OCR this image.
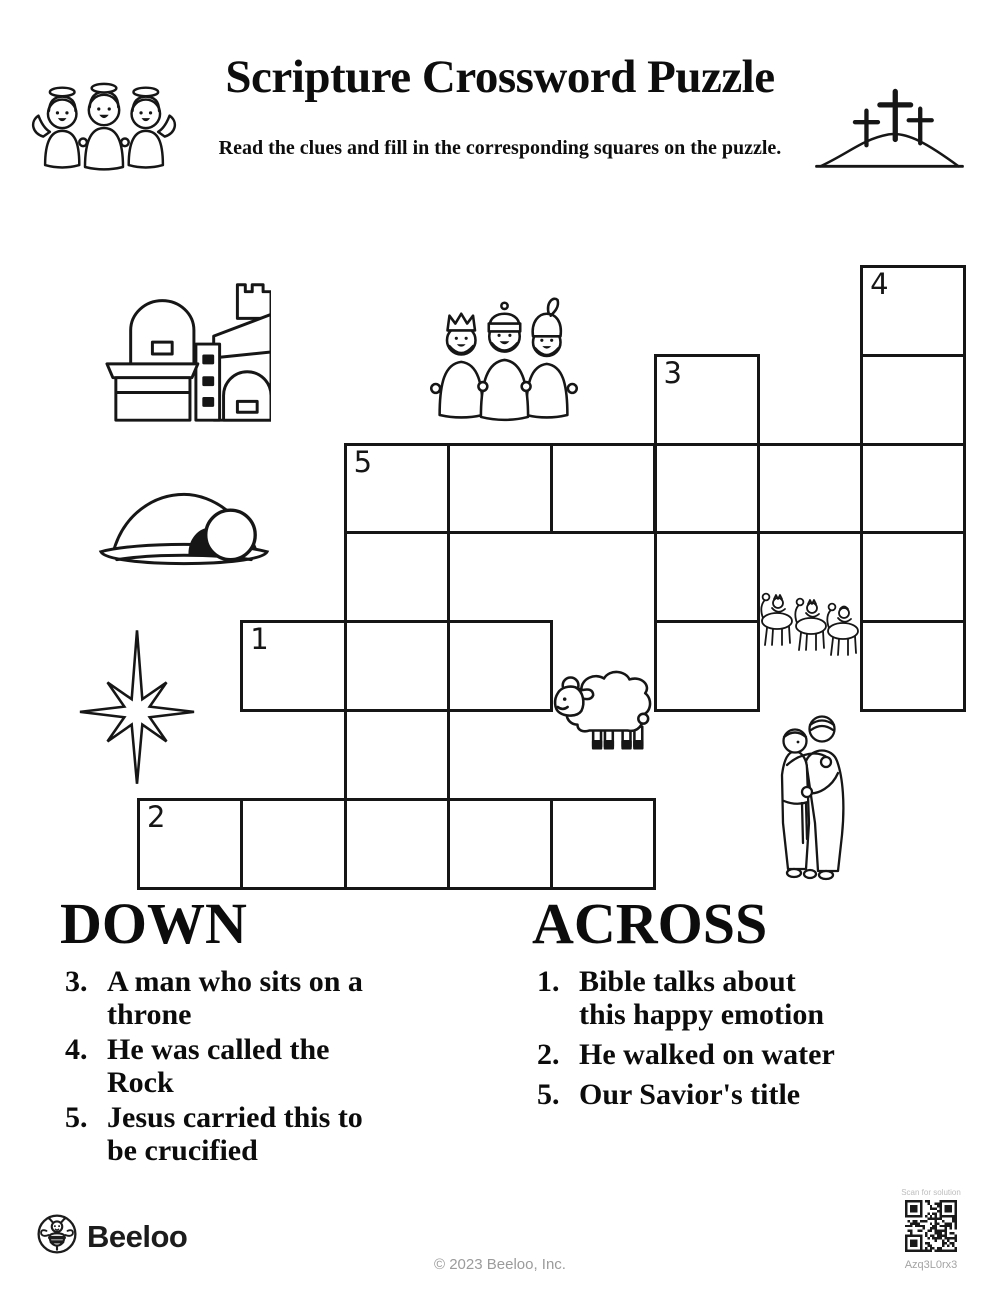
Scripture Crossword Puzzle
Read the clues and fill in the corresponding squares on the puzzle.
4
3
5
1
2
DOWN
3. A man who sits on a
throne
4. He was called the
Rock
5. Jesus carried this to
be crucified
ACROSS
1. Bible talks about
this happy emotion
2. He walked on water
5. Our Savior's title
Beeloo
© 2023 Beeloo, Inc.
Scan for solution
Azq3L0rx3
